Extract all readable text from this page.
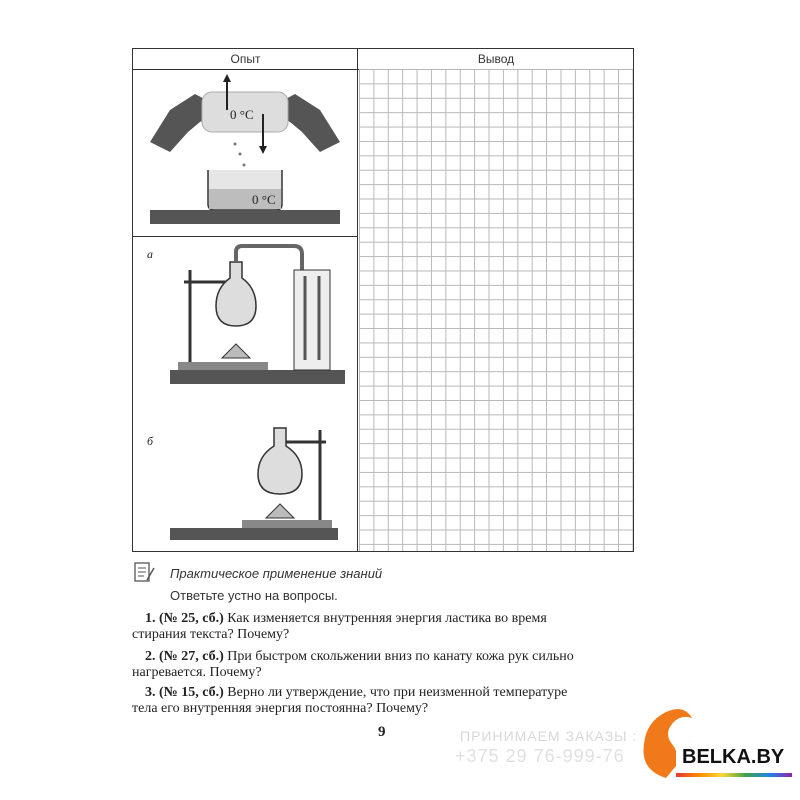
Опыт	Вывод
а
б
0 °C
0 °C
Практическое применение знаний
Ответьте устно на вопросы.
1. (№ 25, сб.) Как изменяется внутренняя энергия ластика во время
стирания текста? Почему?
2. (№ 27, сб.) При быстром скольжении вниз по канату кожа рук сильно
нагревается. Почему?
3. (№ 15, сб.) Верно ли утверждение, что при неизменной температуре
тела его внутренняя энергия постоянна? Почему?
9	ПРИНИМАЕМ ЗАКАЗЫ :
+375 29 76-999-76	BELKA.BY
